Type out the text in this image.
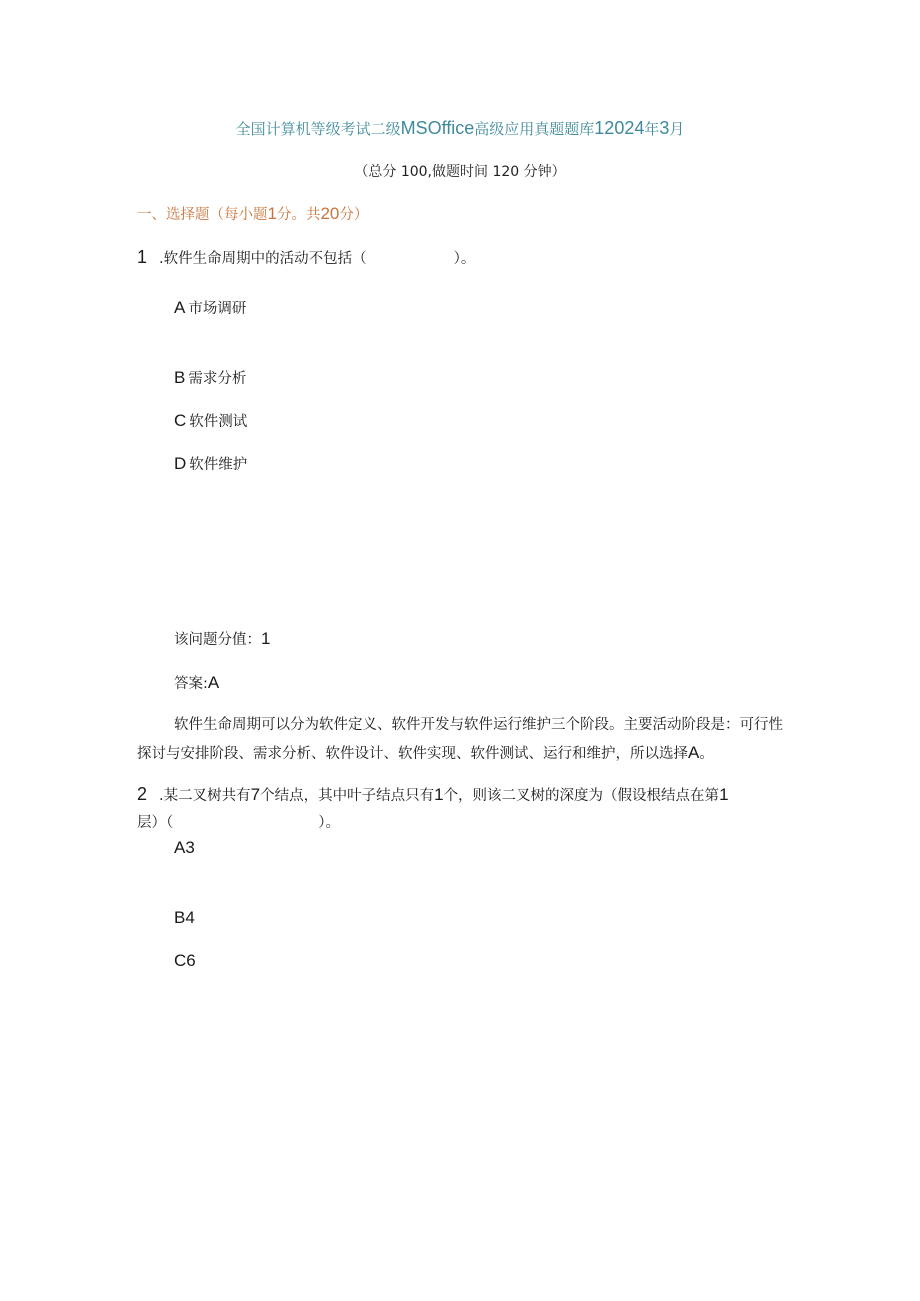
全国计算机等级考试二级MSOffice高级应用真题题库12024年3月
（总分 100,做题时间 120 分钟）
一、选择题（每小题1分。共20分）
1 .软件生命周期中的活动不包括（　　　　　　）。
A 市场调研
B 需求分析
C 软件测试
D 软件维护
该问题分值：1
答案:A
软件生命周期可以分为软件定义、软件开发与软件运行维护三个阶段。主要活动阶段是：可行性探讨与安排阶段、需求分析、软件设计、软件实现、软件测试、运行和维护，所以选择A。
2 .某二叉树共有7个结点，其中叶子结点只有1个，则该二叉树的深度为（假设根结点在第1
层）（　　　　　　　　　　）。
A3
B4
C6
